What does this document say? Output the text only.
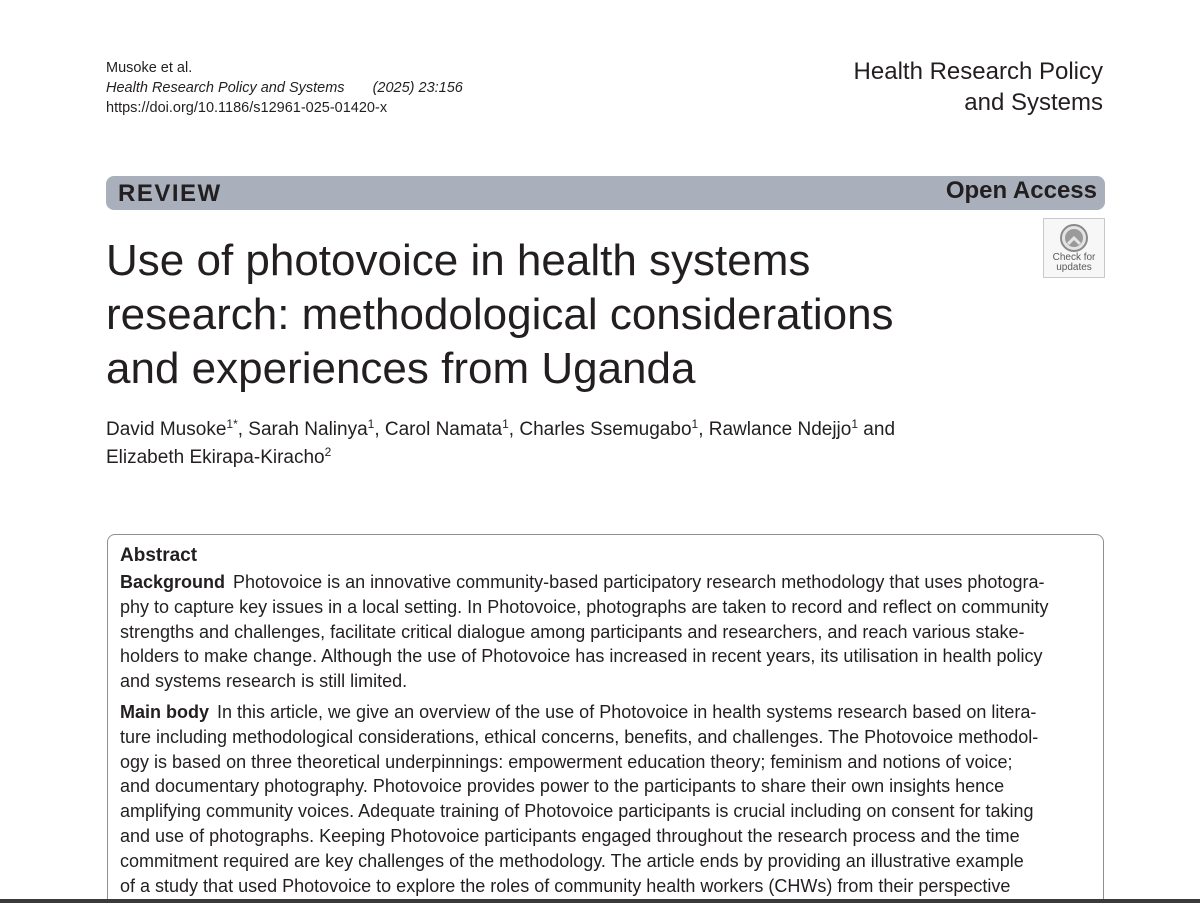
Musoke et al.
Health Research Policy and Systems (2025) 23:156
https://doi.org/10.1186/s12961-025-01420-x
Health Research Policy
and Systems
REVIEW	Open Access
Use of photovoice in health systems
research: methodological considerations
and experiences from Uganda
Check for
updates
David Musoke$^{1*}$, Sarah Nalinya$^1$, Carol Namata$^1$, Charles Ssemugabo$^1$, Rawlance Ndejjo$^1$ and
Elizabeth Ekirapa-Kiracho$^2$
Abstract
Background Photovoice is an innovative community-based participatory research methodology that uses photogra-
phy to capture key issues in a local setting. In Photovoice, photographs are taken to record and reflect on community
strengths and challenges, facilitate critical dialogue among participants and researchers, and reach various stake-
holders to make change. Although the use of Photovoice has increased in recent years, its utilisation in health policy
and systems research is still limited.
Main body In this article, we give an overview of the use of Photovoice in health systems research based on litera-
ture including methodological considerations, ethical concerns, benefits, and challenges. The Photovoice methodol-
ogy is based on three theoretical underpinnings: empowerment education theory; feminism and notions of voice;
and documentary photography. Photovoice provides power to the participants to share their own insights hence
amplifying community voices. Adequate training of Photovoice participants is crucial including on consent for taking
and use of photographs. Keeping Photovoice participants engaged throughout the research process and the time
commitment required are key challenges of the methodology. The article ends by providing an illustrative example
of a study that used Photovoice to explore the roles of community health workers (CHWs) from their perspective
